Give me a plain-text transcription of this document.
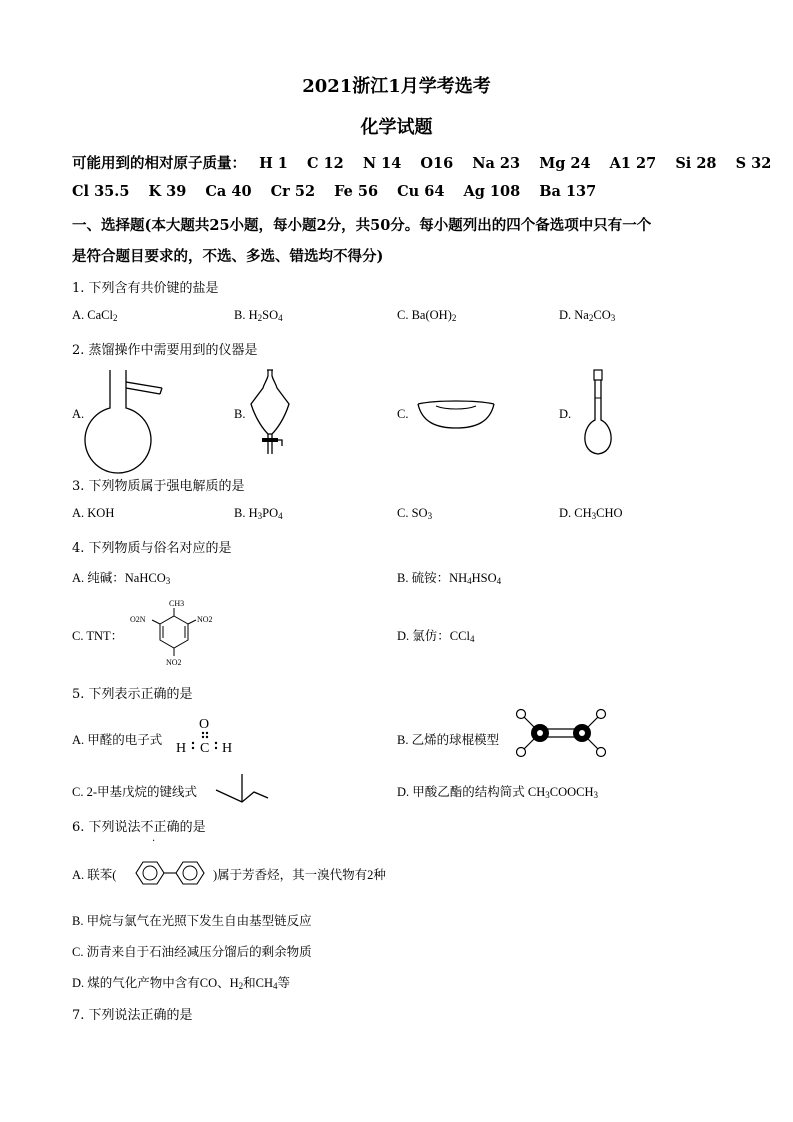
2021浙江1月学考选考
化学试题
可能用到的相对原子质量： H 1 C 12 N 14 O16 Na 23 Mg 24 A1 27 Si 28 S 32
Cl 35.5 K 39 Ca 40 Cr 52 Fe 56 Cu 64 Ag 108 Ba 137
一、选择题(本大题共25小题，每小题2分，共50分。每小题列出的四个备选项中只有一个
是符合题目要求的，不选、多选、错选均不得分)
1. 下列含有共价键的盐是
A. CaCl$_2$	B. $H_2SO_4$	C. $Ba(OH)_2$	D. $Na_2CO_3$
2. 蒸馏操作中需要用到的仪器是
A.	B.	C.	D.
3. 下列物质属于强电解质的是
A. KOH	B. $H_3PO_4$	C. $SO_3$	D. $CH_3CHO$
4. 下列物质与俗名对应的是
A. 纯碱：NaHCO$_3$	B. 硫铵：$NH_4HSO_4$
C. TNT：	D. 氯仿：CCl$_4$
CH3
O2N	NO2
NO2
5. 下列表示正确的是
A. 甲醛的电子式	B. 乙烯的球棍模型
C. 2-甲基戊烷的键线式	D. 甲酸乙酯的结构简式 $CH_3COOCH_3$
O
H C H
6. 下列说法不正确的是
A. 联苯(	)属于芳香烃，其一溴代物有2种
B. 甲烷与氯气在光照下发生自由基型链反应
C. 沥青来自于石油经减压分馏后的剩余物质
D. 煤的气化产物中含有CO、$H_2$和$CH_4$等
7. 下列说法正确的是
